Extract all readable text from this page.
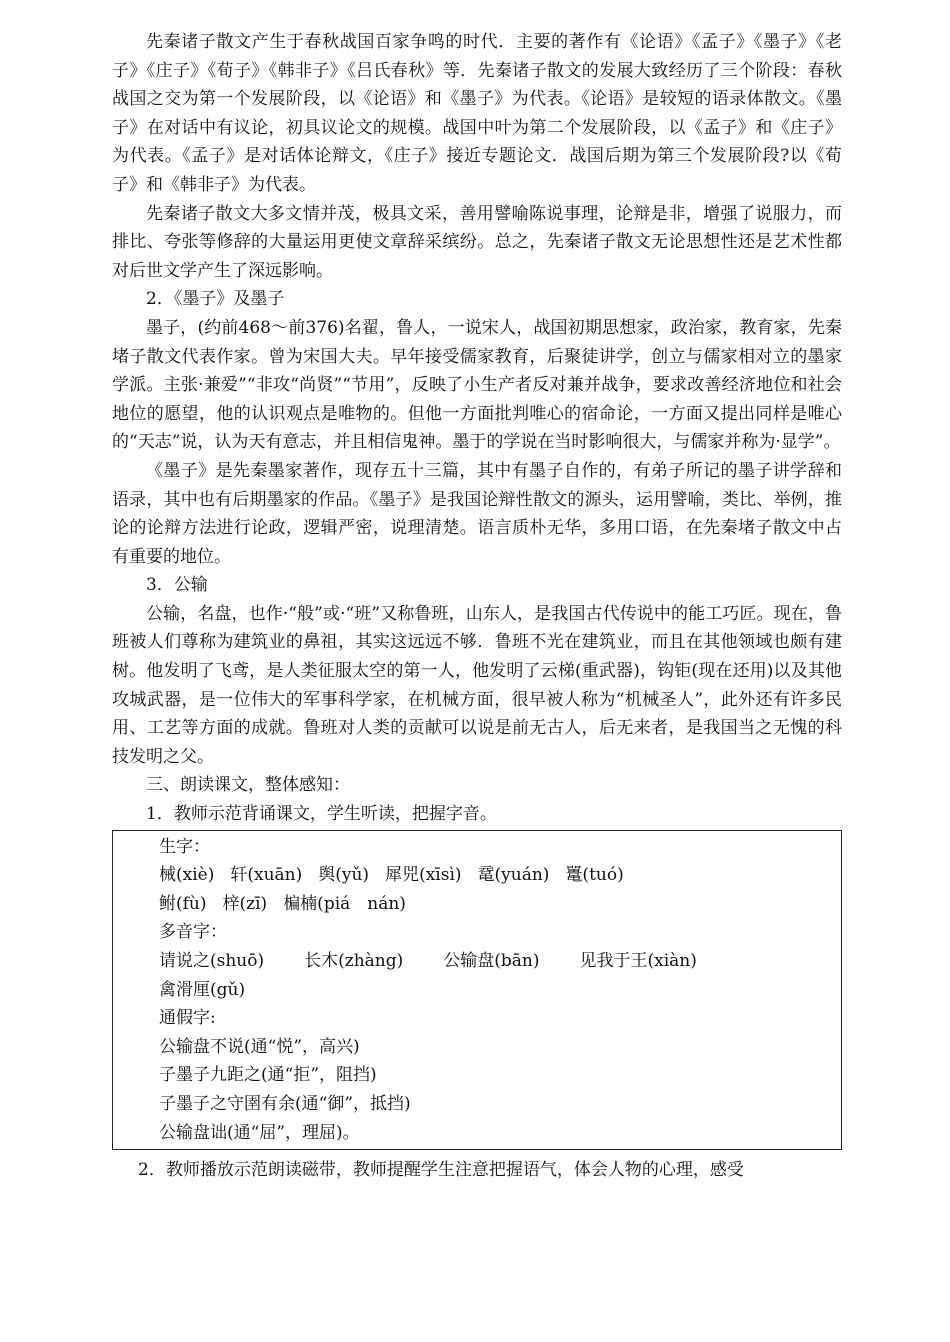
先秦诸子散文产生于春秋战国百家争鸣的时代．主要的著作有《论语》《孟子》《墨子》《老子》《庄子》《荀子》《韩非子》《吕氏春秋》等．先秦诸子散文的发展大致经历了三个阶段：春秋战国之交为第一个发展阶段，以《论语》和《墨子》为代表。《论语》是较短的语录体散文。《墨子》在对话中有议论，初具议论文的规模。战国中叶为第二个发展阶段，以《孟子》和《庄子》为代表。《孟子》是对话体论辩文，《庄子》接近专题论文．战国后期为第三个发展阶段?以《荀子》和《韩非子》为代表。

先秦诸子散文大多文情并茂，极具文采，善用譬喻陈说事理，论辩是非，增强了说服力，而排比、夸张等修辞的大量运用更使文章辞采缤纷。总之，先秦诸子散文无论思想性还是艺术性都对后世文学产生了深远影响。

2．《墨子》及墨子

墨子，(约前468～前376)名翟，鲁人，一说宋人，战国初期思想家，政治家，教育家，先秦堵子散文代表作家。曾为宋国大夫。早年接受儒家教育，后聚徒讲学，创立与儒家相对立的墨家学派。主张·兼爱”“非攻“尚贤”“节用”，反映了小生产者反对兼并战争，要求改善经济地位和社会地位的愿望，他的认识观点是唯物的。但他一方面批判唯心的宿命论，一方面又提出同样是唯心的“天志”说，认为天有意志，并且相信鬼神。墨于的学说在当时影响很大，与儒家并称为·显学”。

《墨子》是先秦墨家著作，现存五十三篇，其中有墨子自作的，有弟子所记的墨子讲学辞和语录，其中也有后期墨家的作品。《墨子》是我国论辩性散文的源头，运用譬喻，类比、举例，推论的论辩方法进行论政，逻辑严密，说理清楚。语言质朴无华，多用口语，在先秦堵子散文中占有重要的地位。

3．公输

公输，名盘，也作·“般”或·“班”又称鲁班，山东人，是我国古代传说中的能工巧匠。现在，鲁班被人们尊称为建筑业的鼻祖，其实这远远不够．鲁班不光在建筑业，而且在其他领域也颇有建树。他发明了飞鸢，是人类征服太空的第一人，他发明了云梯(重武器)，钩钜(现在还用)以及其他攻城武器，是一位伟大的军事科学家，在机械方面，很早被人称为“机械圣人”，此外还有许多民用、工艺等方面的成就。鲁班对人类的贡献可以说是前无古人，后无来者，是我国当之无愧的科技发明之父。

三、朗读课文，整体感知：

1．教师示范背诵课文，学生听读，把握字音。

生字：

械(xiè) 轩(xuān) 舆(yǔ) 犀兕(xīsì) 鼋(yuán) 鼍(tuó)

鲋(fù) 梓(zī) 楄楠(piá　nán)

多音字：

请说之(shuō) 长木(zhàng) 公输盘(bān) 见我于王(xiàn)

禽滑厘(gǔ)

通假字:

公输盘不说(通“悦”，高兴)

子墨子九距之(通“拒”，阻挡)

子墨子之守圉有余(通“御”，抵挡)

公输盘诎(通“屈”，理屈)。

2．教师播放示范朗读磁带，教师提醒学生注意把握语气，体会人物的心理，感受
